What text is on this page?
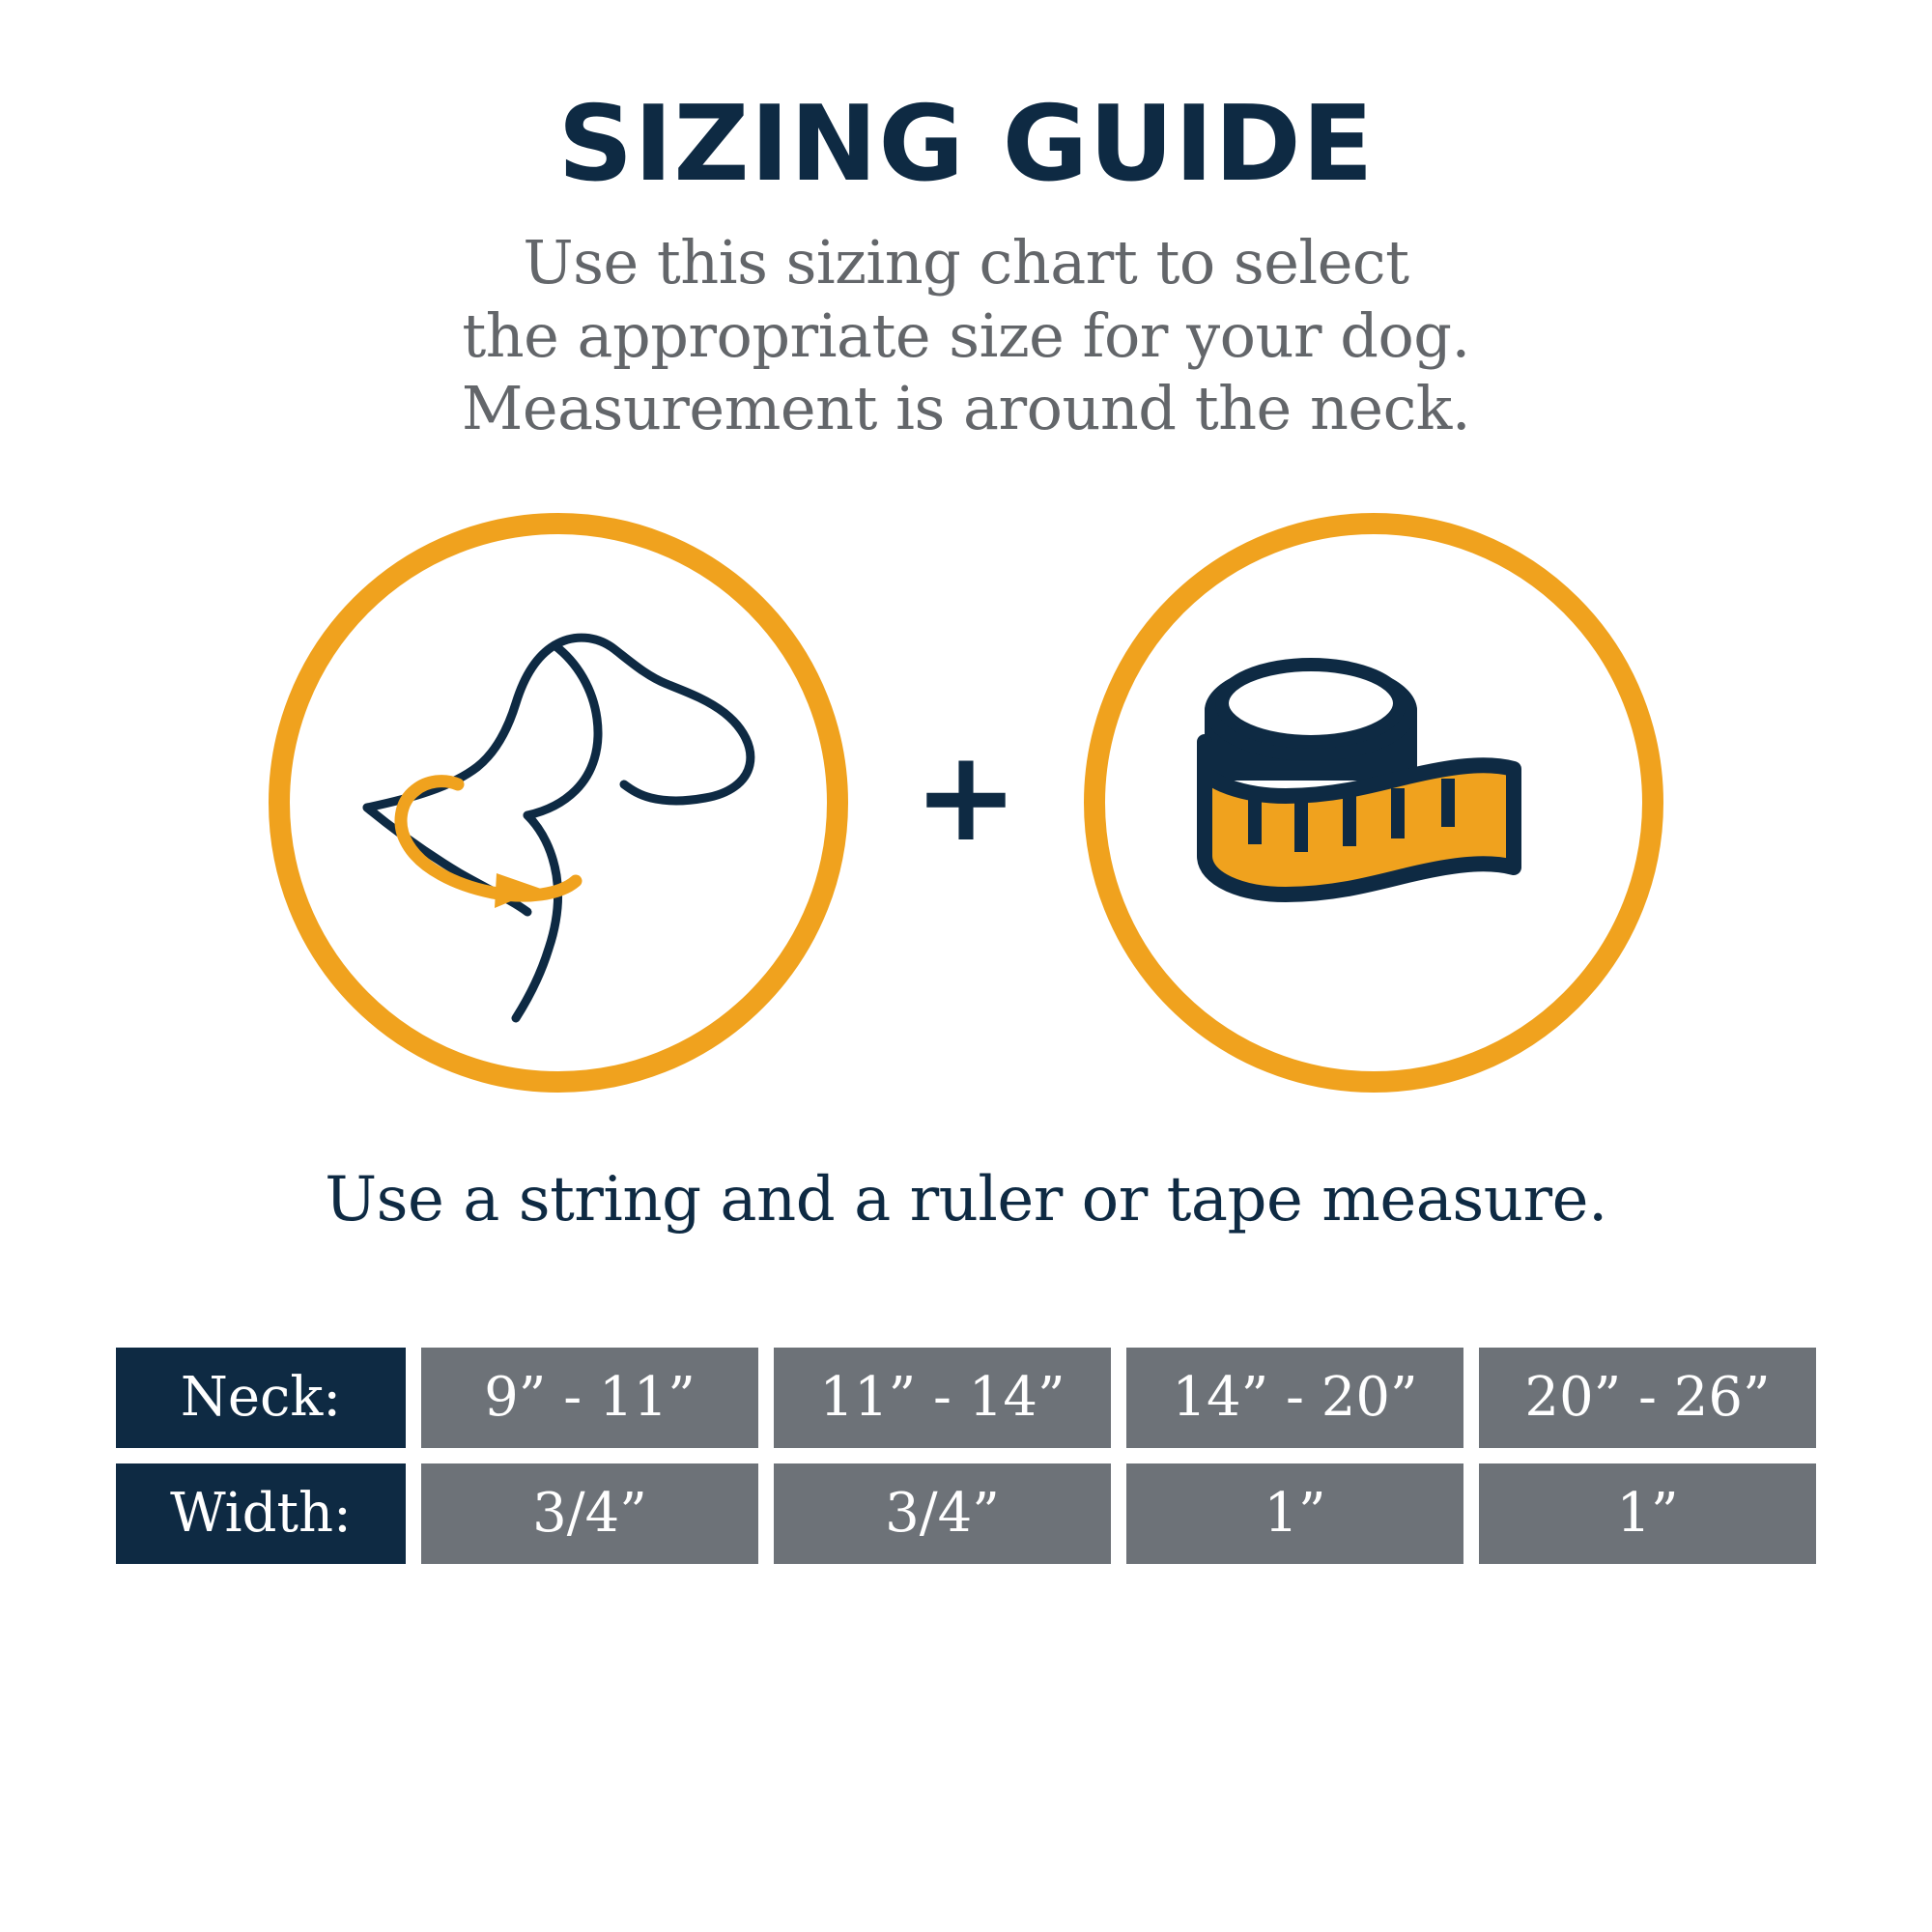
SIZING GUIDE
Use this sizing chart to select
the appropriate size for your dog.
Measurement is around the neck.
+
Use a string and a ruler or tape measure.
Neck:	9” - 11”	11” - 14”	14” - 20”	20” - 26”
Width:	3/4”	3/4”	1”	1”
